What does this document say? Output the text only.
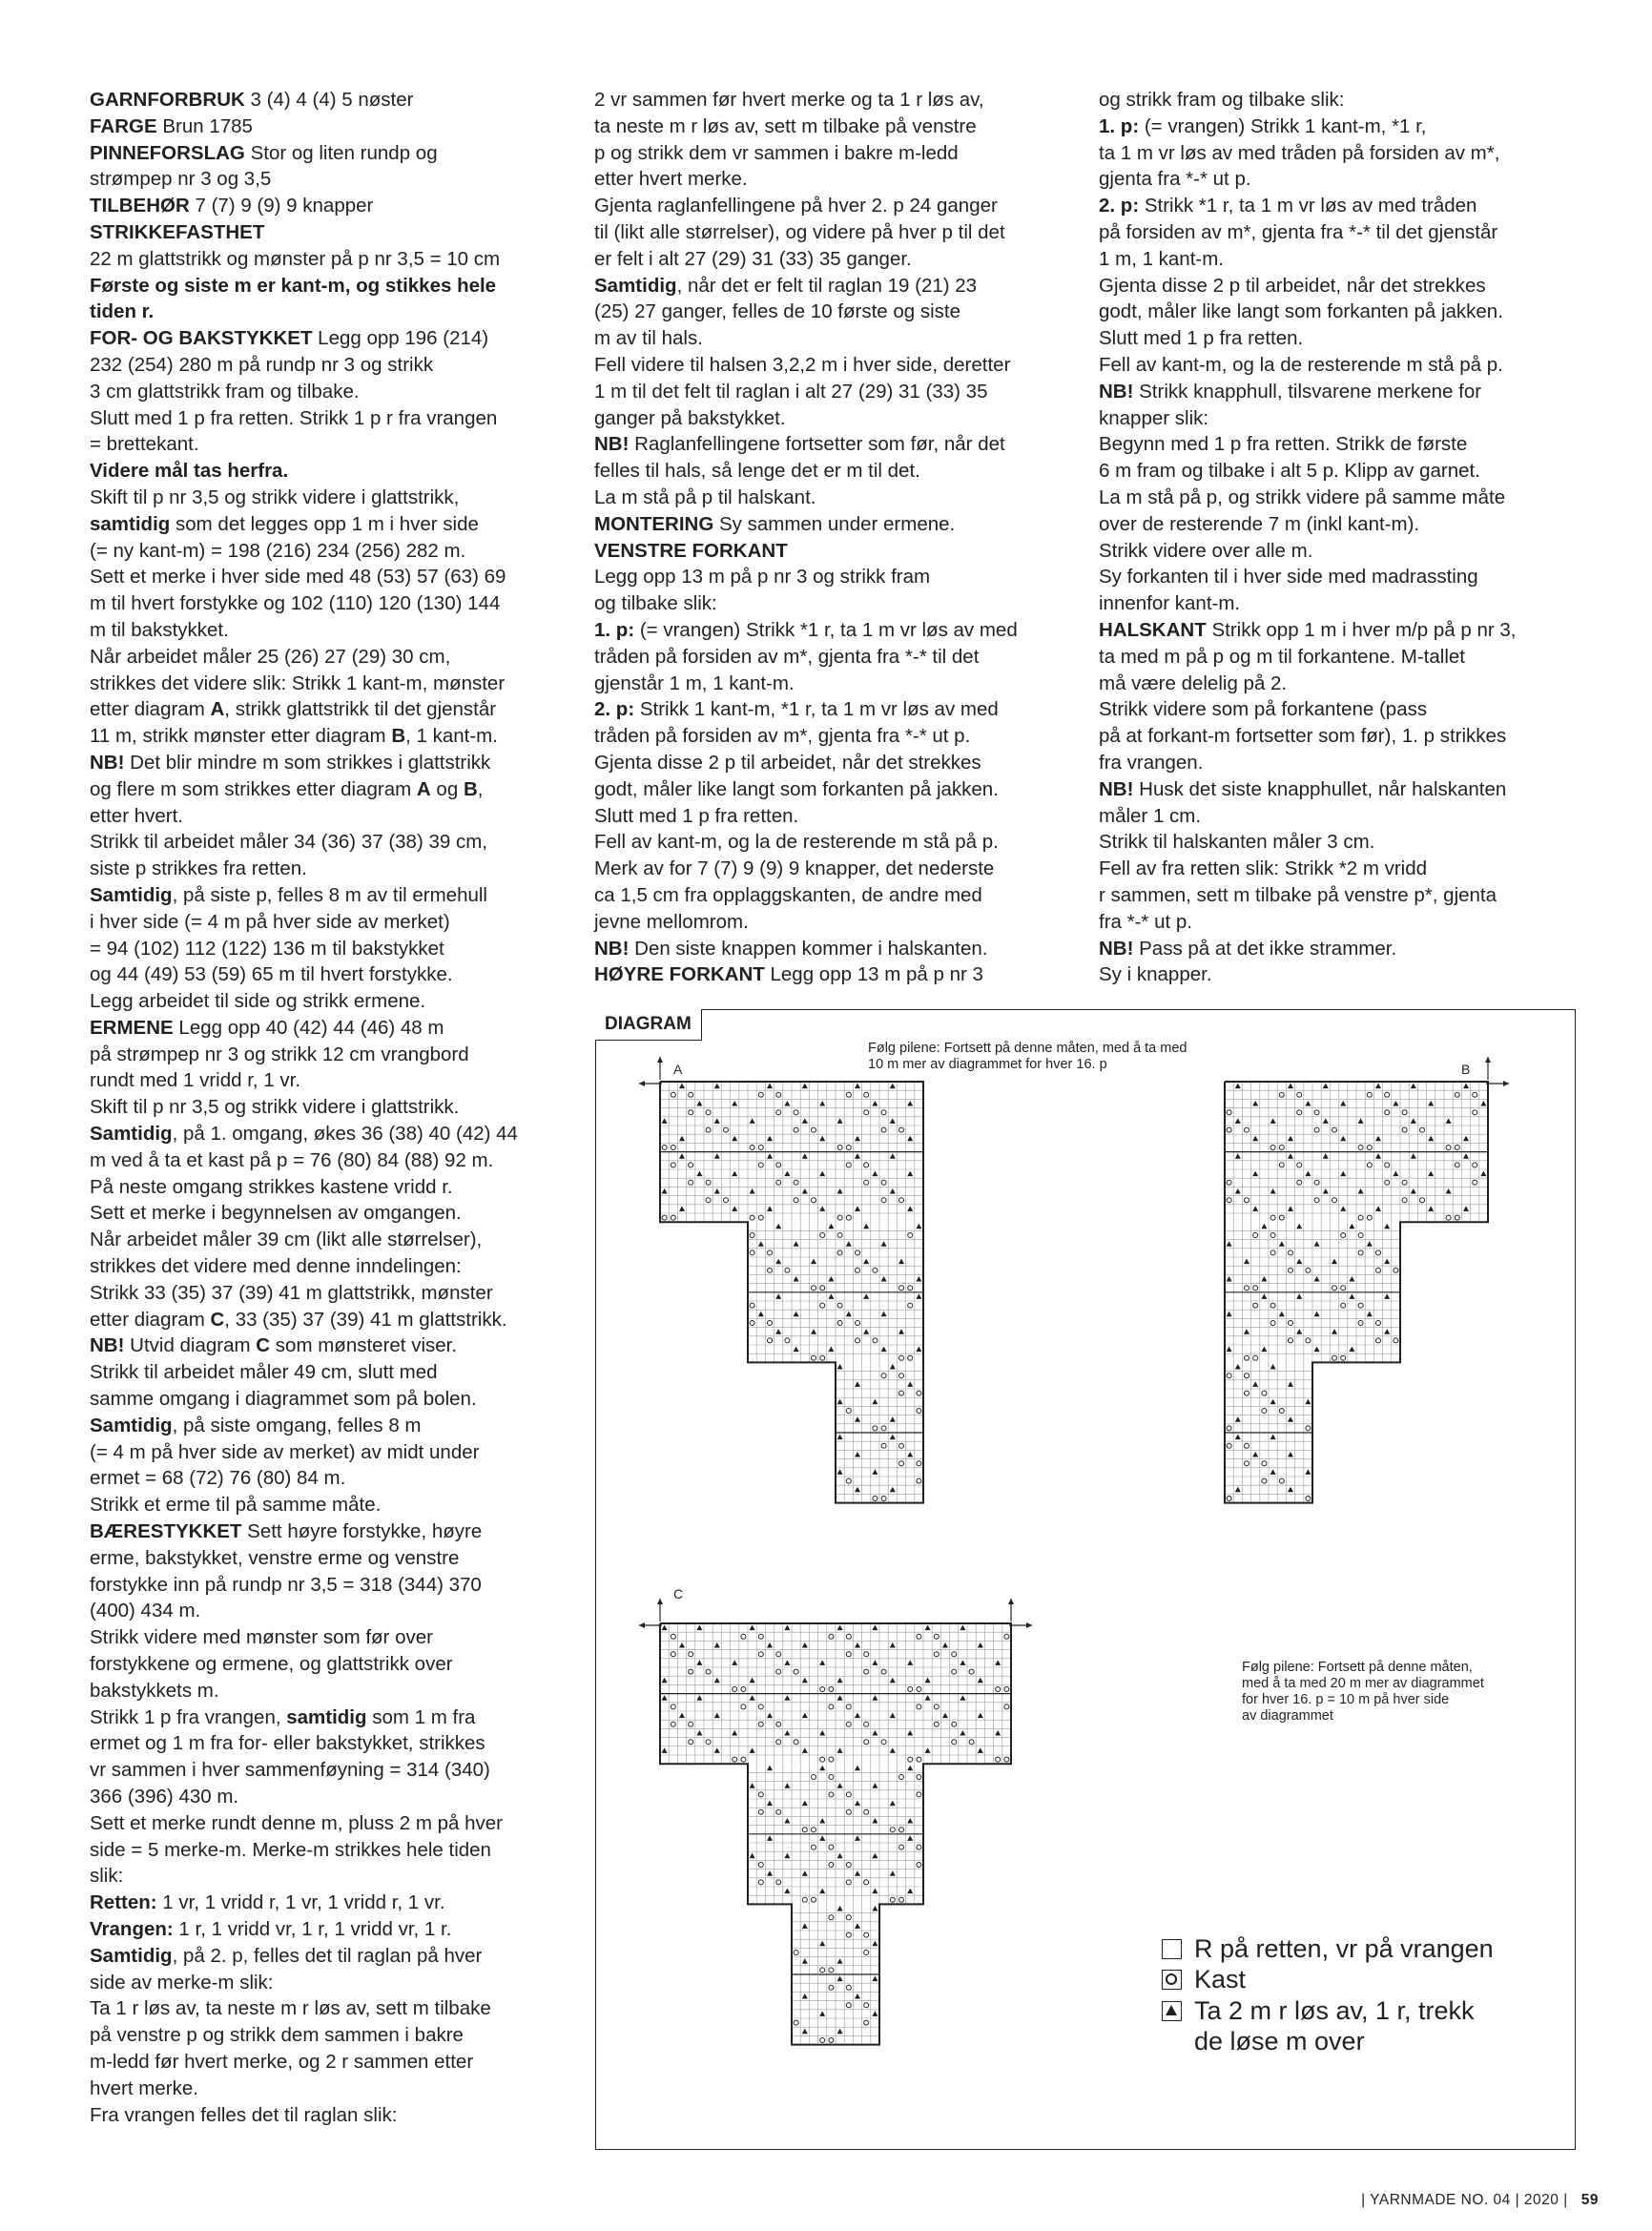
GARNFORBRUK 3 (4) 4 (4) 5 nøster

FARGE Brun 1785

PINNEFORSLAG Stor og liten rundp og

strømpep nr 3 og 3,5

TILBEHØR 7 (7) 9 (9) 9 knapper

STRIKKEFASTHET

22 m glattstrikk og mønster på p nr 3,5 = 10 cm

Første og siste m er kant-m, og stikkes hele

tiden r.

FOR- OG BAKSTYKKET Legg opp 196 (214)

232 (254) 280 m på rundp nr 3 og strikk

3 cm glattstrikk fram og tilbake.

Slutt med 1 p fra retten. Strikk 1 p r fra vrangen

= brettekant.

Videre mål tas herfra.

Skift til p nr 3,5 og strikk videre i glattstrikk,

samtidig som det legges opp 1 m i hver side

(= ny kant-m) = 198 (216) 234 (256) 282 m.

Sett et merke i hver side med 48 (53) 57 (63) 69

m til hvert forstykke og 102 (110) 120 (130) 144

m til bakstykket.

Når arbeidet måler 25 (26) 27 (29) 30 cm,

strikkes det videre slik: Strikk 1 kant-m, mønster

etter diagram A, strikk glattstrikk til det gjenstår

11 m, strikk mønster etter diagram B, 1 kant-m.

NB! Det blir mindre m som strikkes i glattstrikk

og flere m som strikkes etter diagram A og B,

etter hvert.

Strikk til arbeidet måler 34 (36) 37 (38) 39 cm,

siste p strikkes fra retten.

Samtidig, på siste p, felles 8 m av til ermehull

i hver side (= 4 m på hver side av merket)

= 94 (102) 112 (122) 136 m til bakstykket

og 44 (49) 53 (59) 65 m til hvert forstykke.

Legg arbeidet til side og strikk ermene.

ERMENE Legg opp 40 (42) 44 (46) 48 m

på strømpep nr 3 og strikk 12 cm vrangbord

rundt med 1 vridd r, 1 vr.

Skift til p nr 3,5 og strikk videre i glattstrikk.

Samtidig, på 1. omgang, økes 36 (38) 40 (42) 44

m ved å ta et kast på p = 76 (80) 84 (88) 92 m.

På neste omgang strikkes kastene vridd r.

Sett et merke i begynnelsen av omgangen.

Når arbeidet måler 39 cm (likt alle størrelser),

strikkes det videre med denne inndelingen:

Strikk 33 (35) 37 (39) 41 m glattstrikk, mønster

etter diagram C, 33 (35) 37 (39) 41 m glattstrikk.

NB! Utvid diagram C som mønsteret viser.

Strikk til arbeidet måler 49 cm, slutt med

samme omgang i diagrammet som på bolen.

Samtidig, på siste omgang, felles 8 m

(= 4 m på hver side av merket) av midt under

ermet = 68 (72) 76 (80) 84 m.

Strikk et erme til på samme måte.

BÆRESTYKKET Sett høyre forstykke, høyre

erme, bakstykket, venstre erme og venstre

forstykke inn på rundp nr 3,5 = 318 (344) 370

(400) 434 m.

Strikk videre med mønster som før over

forstykkene og ermene, og glattstrikk over

bakstykkets m.

Strikk 1 p fra vrangen, samtidig som 1 m fra

ermet og 1 m fra for- eller bakstykket, strikkes

vr sammen i hver sammenføyning = 314 (340)

366 (396) 430 m.

Sett et merke rundt denne m, pluss 2 m på hver

side = 5 merke-m. Merke-m strikkes hele tiden

slik:

Retten: 1 vr, 1 vridd r, 1 vr, 1 vridd r, 1 vr.

Vrangen: 1 r, 1 vridd vr, 1 r, 1 vridd vr, 1 r.

Samtidig, på 2. p, felles det til raglan på hver

side av merke-m slik:

Ta 1 r løs av, ta neste m r løs av, sett m tilbake

på venstre p og strikk dem sammen i bakre

m-ledd før hvert merke, og 2 r sammen etter

hvert merke.

Fra vrangen felles det til raglan slik:

2 vr sammen før hvert merke og ta 1 r løs av,

ta neste m r løs av, sett m tilbake på venstre

p og strikk dem vr sammen i bakre m-ledd

etter hvert merke.

Gjenta raglanfellingene på hver 2. p 24 ganger

til (likt alle størrelser), og videre på hver p til det

er felt i alt 27 (29) 31 (33) 35 ganger.

Samtidig, når det er felt til raglan 19 (21) 23

(25) 27 ganger, felles de 10 første og siste

m av til hals.

Fell videre til halsen 3,2,2 m i hver side, deretter

1 m til det felt til raglan i alt 27 (29) 31 (33) 35

ganger på bakstykket.

NB! Raglanfellingene fortsetter som før, når det

felles til hals, så lenge det er m til det.

La m stå på p til halskant.

MONTERING Sy sammen under ermene.

VENSTRE FORKANT

Legg opp 13 m på p nr 3 og strikk fram

og tilbake slik:

1. p: (= vrangen) Strikk *1 r, ta 1 m vr løs av med

tråden på forsiden av m*, gjenta fra *-* til det

gjenstår 1 m, 1 kant-m.

2. p: Strikk 1 kant-m, *1 r, ta 1 m vr løs av med

tråden på forsiden av m*, gjenta fra *-* ut p.

Gjenta disse 2 p til arbeidet, når det strekkes

godt, måler like langt som forkanten på jakken.

Slutt med 1 p fra retten.

Fell av kant-m, og la de resterende m stå på p.

Merk av for 7 (7) 9 (9) 9 knapper, det nederste

ca 1,5 cm fra opplaggskanten, de andre med

jevne mellomrom.

NB! Den siste knappen kommer i halskanten.

HØYRE FORKANT Legg opp 13 m på p nr 3

og strikk fram og tilbake slik:

1. p: (= vrangen) Strikk 1 kant-m, *1 r,

ta 1 m vr løs av med tråden på forsiden av m*,

gjenta fra *-* ut p.

2. p: Strikk *1 r, ta 1 m vr løs av med tråden

på forsiden av m*, gjenta fra *-* til det gjenstår

1 m, 1 kant-m.

Gjenta disse 2 p til arbeidet, når det strekkes

godt, måler like langt som forkanten på jakken.

Slutt med 1 p fra retten.

Fell av kant-m, og la de resterende m stå på p.

NB! Strikk knapphull, tilsvarene merkene for

knapper slik:

Begynn med 1 p fra retten. Strikk de første

6 m fram og tilbake i alt 5 p. Klipp av garnet.

La m stå på p, og strikk videre på samme måte

over de resterende 7 m (inkl kant-m).

Strikk videre over alle m.

Sy forkanten til i hver side med madrassting

innenfor kant-m.

HALSKANT Strikk opp 1 m i hver m/p på p nr 3,

ta med m på p og m til forkantene. M-tallet

må være delelig på 2.

Strikk videre som på forkantene (pass

på at forkant-m fortsetter som før), 1. p strikkes

fra vrangen.

NB! Husk det siste knapphullet, når halskanten

måler 1 cm.

Strikk til halskanten måler 3 cm.

Fell av fra retten slik: Strikk *2 m vridd

r sammen, sett m tilbake på venstre p*, gjenta

fra *-* ut p.

NB! Pass på at det ikke strammer.

Sy i knapper.

A	B
C
DIAGRAM
Følg pilene: Fortsett på denne måten, med å ta med
10 m mer av diagrammet for hver 16. p
Følg pilene: Fortsett på denne måten,
med å ta med 20 m mer av diagrammet
for hver 16. p = 10 m på hver side
av diagrammet
R på retten, vr på vrangen
Kast
Ta 2 m r løs av, 1 r, trekk
de løse m over
| YARNMADE NO. 04 | 2020 | 59
